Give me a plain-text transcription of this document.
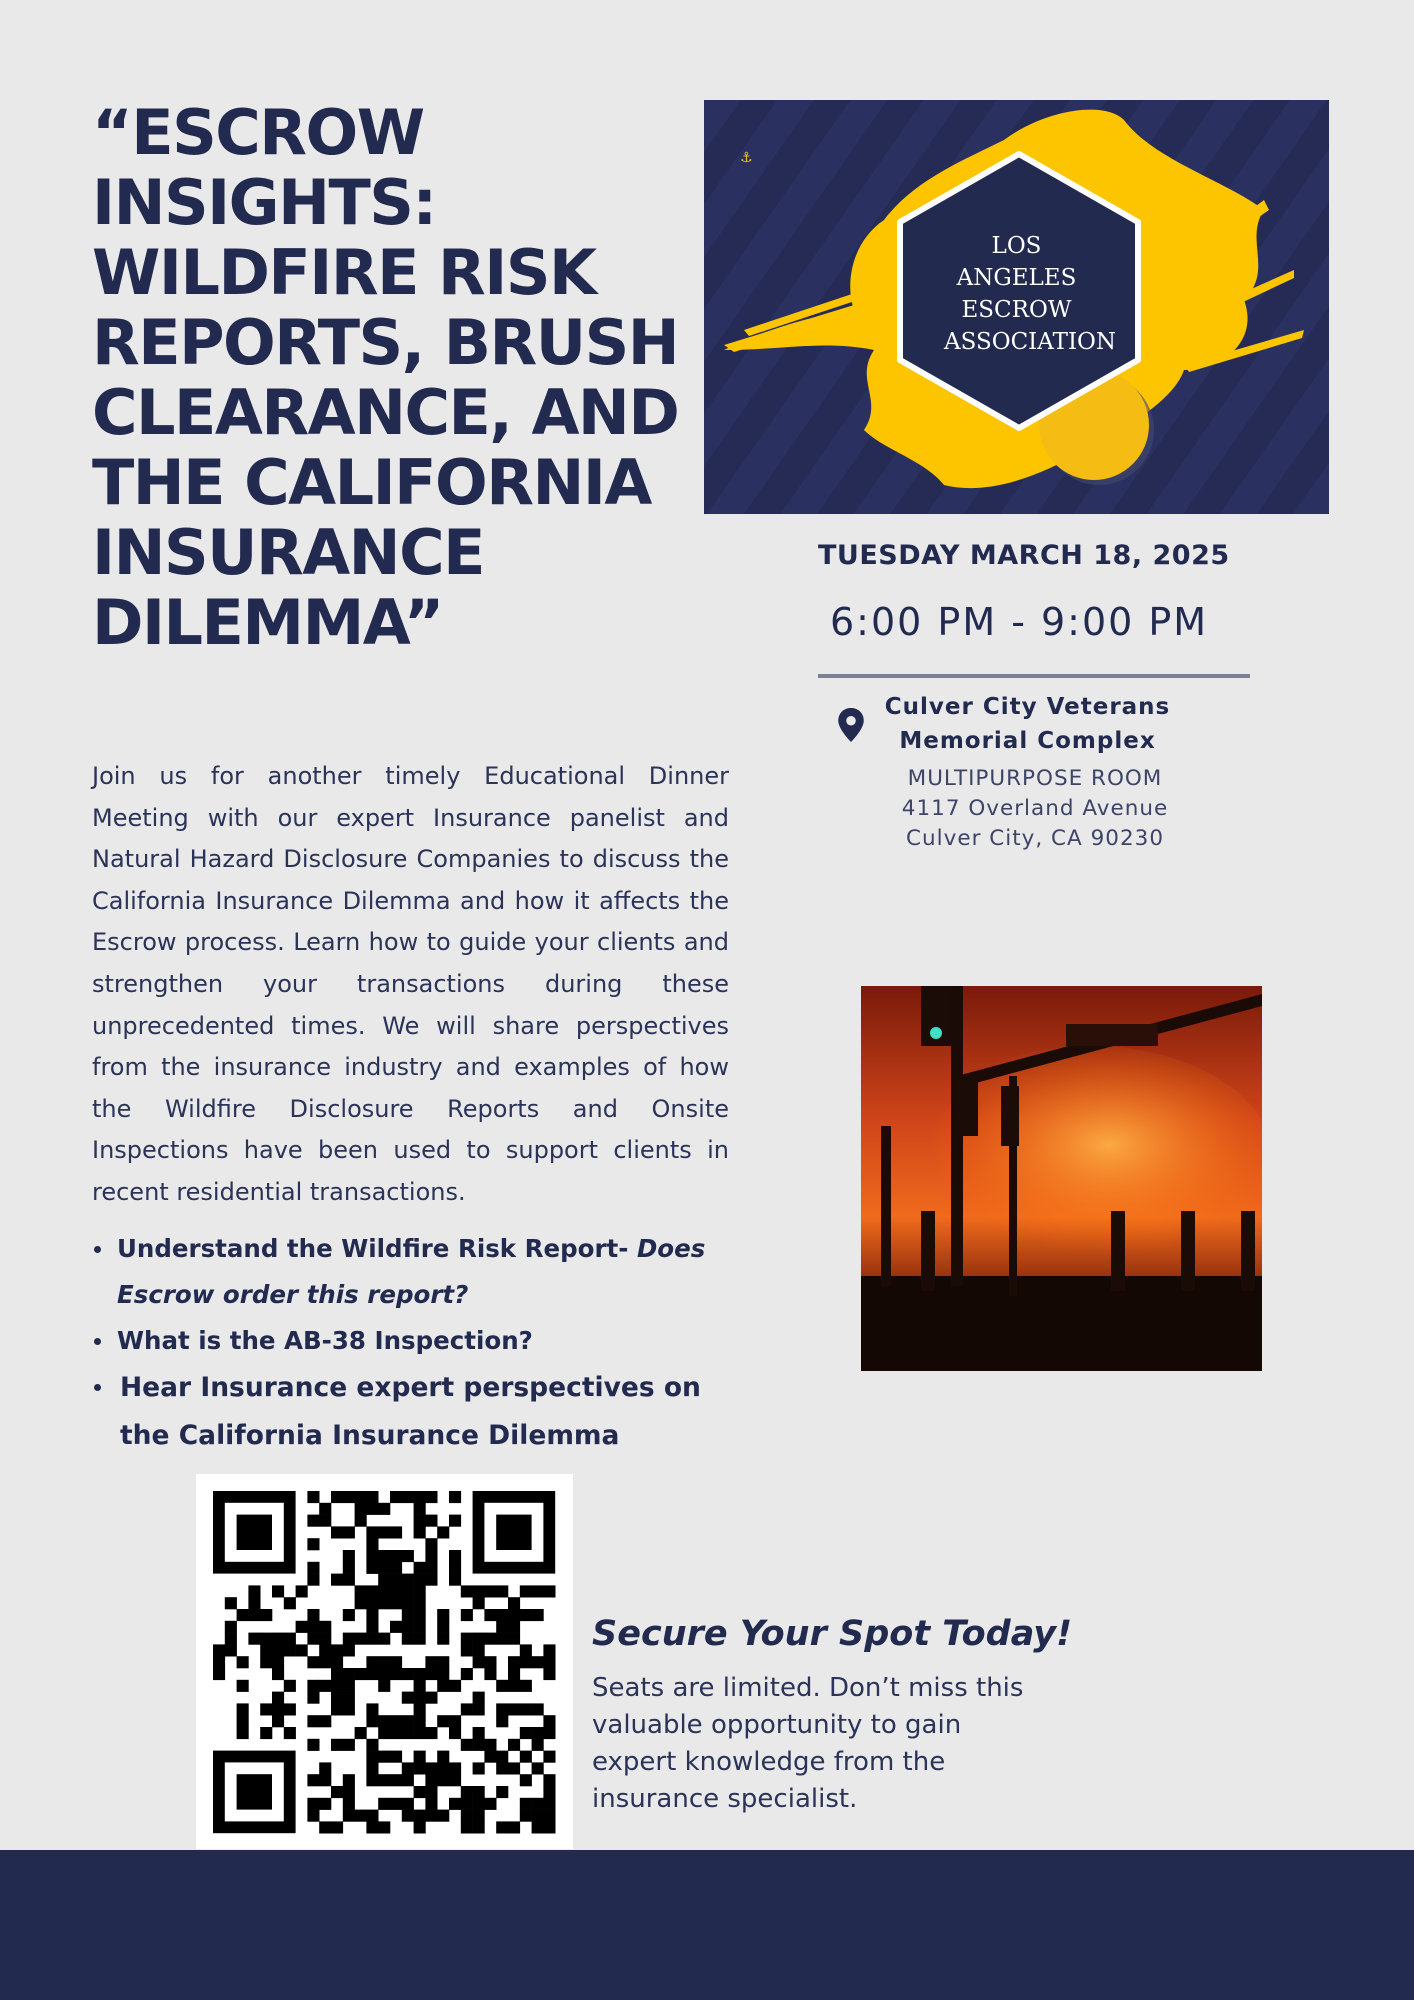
“ESCROW INSIGHTS: WILDFIRE RISK REPORTS, BRUSH CLEARANCE, AND THE CALIFORNIA INSURANCE DILEMMA”
⚓
LOS ANGELES
ESCROW
ASSOCIATION
TUESDAY MARCH 18, 2025
6:00 PM - 9:00 PM
Culver City Veterans
Memorial Complex
MULTIPURPOSE ROOM
4117 Overland Avenue
Culver City, CA 90230

Join us for another timely Educational Dinner Meeting with our expert Insurance panelist and Natural Hazard Disclosure Companies to discuss the California Insurance Dilemma and how it affects the Escrow process. Learn how to guide your clients and strengthen your transactions during these unprecedented times. We will share perspectives from the insurance industry and examples of how the Wildfire Disclosure Reports and Onsite Inspections have been used to support clients in recent residential transactions.

Understand the Wildfire Risk Report- Does Escrow order this report?
What is the AB-38 Inspection?
Hear Insurance expert perspectives on the California Insurance Dilemma
Secure Your Spot Today!
Seats are limited. Don’t miss this valuable opportunity to gain expert knowledge from the insurance specialist.
